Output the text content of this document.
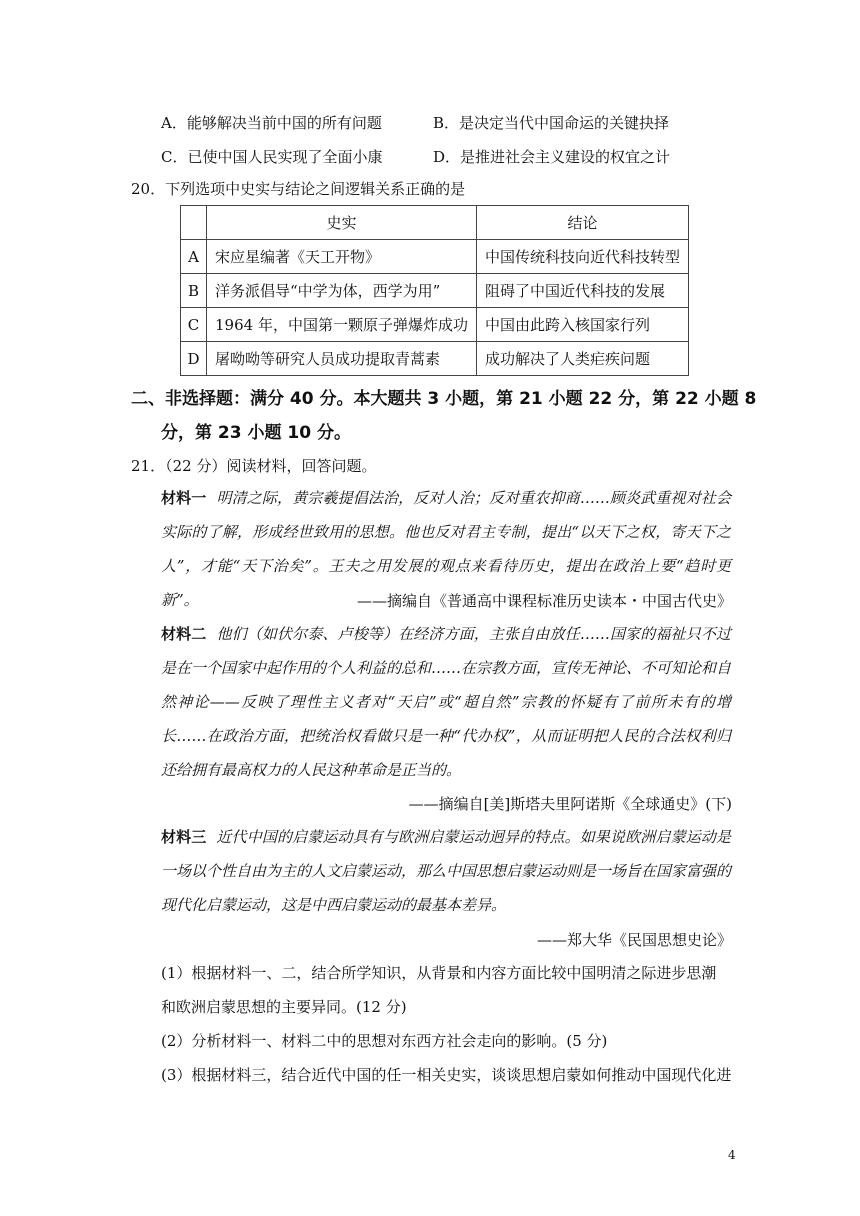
A．能够解决当前中国的所有问题	B．是决定当代中国命运的关键抉择
C．已使中国人民实现了全面小康	D．是推进社会主义建设的权宜之计
20．下列选项中史实与结论之间逻辑关系正确的是
	史实	结论
A	宋应星编著《天工开物》	中国传统科技向近代科技转型
B	洋务派倡导“中学为体，西学为用”	阻碍了中国近代科技的发展
C	1964 年，中国第一颗原子弹爆炸成功	中国由此跨入核国家行列
D	屠呦呦等研究人员成功提取青蒿素	成功解决了人类疟疾问题
二、非选择题：满分 40 分。本大题共 3 小题，第 21 小题 22 分，第 22 小题 8
分，第 23 小题 10 分。
21．（22 分）阅读材料，回答问题。
材料一 明清之际，黄宗羲提倡法治，反对人治；反对重农抑商……顾炎武重视对社会实际的了解，形成经世致用的思想。他也反对君主专制，提出“以天下之权，寄天下之人”，才能“天下治矣”。王夫之用发展的观点来看待历史，提出在政治上要“趋时更新”。	——摘编自《普通高中课程标准历史读本・中国古代史》
材料二 他们（如伏尔泰、卢梭等）在经济方面，主张自由放任……国家的福祉只不过是在一个国家中起作用的个人利益的总和……在宗教方面，宣传无神论、不可知论和自然神论——反映了理性主义者对“天启”或“超自然”宗教的怀疑有了前所未有的增长……在政治方面，把统治权看做只是一种“代办权”，从而证明把人民的合法权利归还给拥有最高权力的人民这种革命是正当的。
——摘编自[美]斯塔夫里阿诺斯《全球通史》(下)
材料三 近代中国的启蒙运动具有与欧洲启蒙运动迥异的特点。如果说欧洲启蒙运动是一场以个性自由为主的人文启蒙运动，那么中国思想启蒙运动则是一场旨在国家富强的现代化启蒙运动，这是中西启蒙运动的最基本差异。
——郑大华《民国思想史论》
(1）根据材料一、二，结合所学知识，从背景和内容方面比较中国明清之际进步思潮和欧洲启蒙思想的主要异同。(12 分)
(2）分析材料一、材料二中的思想对东西方社会走向的影响。(5 分)
(3）根据材料三，结合近代中国的任一相关史实，谈谈思想启蒙如何推动中国现代化进
4
